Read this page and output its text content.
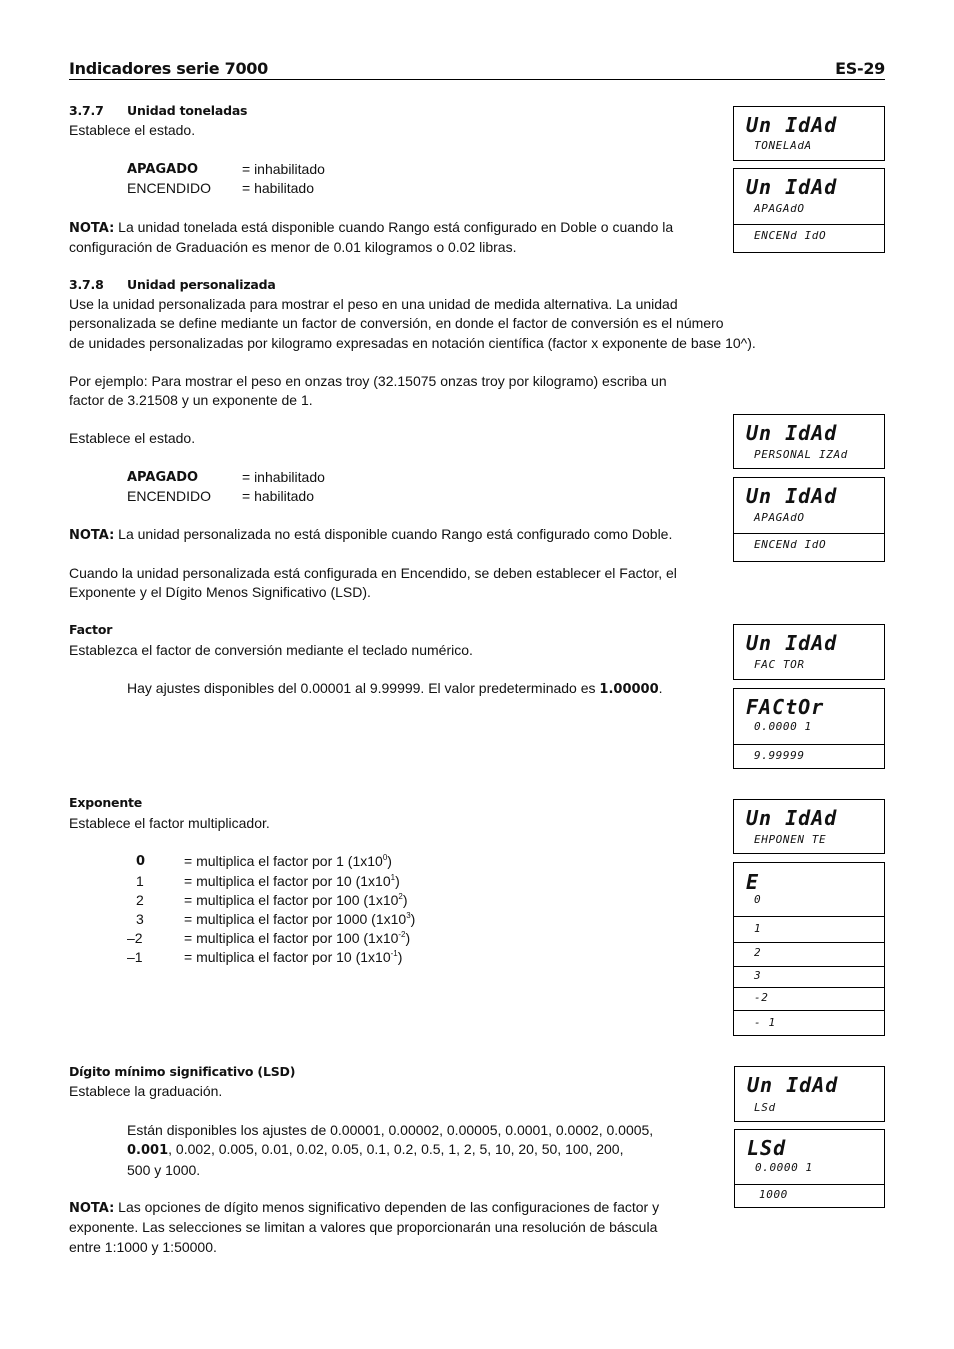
Indicadores serie 7000	ES-29
3.7.7 Unidad toneladas
Establece el estado.
APAGADO	= inhabilitado
ENCENDIDO = habilitado
NOTA: La unidad tonelada está disponible cuando Rango está configurado en Doble o cuando la
configuración de Graduación es menor de 0.01 kilogramos o 0.02 libras.
3.7.8 Unidad personalizada
Use la unidad personalizada para mostrar el peso en una unidad de medida alternativa. La unidad
personalizada se define mediante un factor de conversión, en donde el factor de conversión es el número
de unidades personalizadas por kilogramo expresadas en notación científica (factor x exponente de base 10^).
Por ejemplo: Para mostrar el peso en onzas troy (32.15075 onzas troy por kilogramo) escriba un
factor de 3.21508 y un exponente de 1.
Establece el estado.
APAGADO	= inhabilitado
ENCENDIDO = habilitado
NOTA: La unidad personalizada no está disponible cuando Rango está configurado como Doble.
Cuando la unidad personalizada está configurada en Encendido, se deben establecer el Factor, el
Exponente y el Dígito Menos Significativo (LSD).
Factor
Establezca el factor de conversión mediante el teclado numérico.
Hay ajustes disponibles del 0.00001 al 9.99999. El valor predeterminado es 1.00000.
Exponente
Establece el factor multiplicador.
0	= multiplica el factor por 1 $(1x10^0)$
1	= multiplica el factor por 10 $(1x10^1)$
2	= multiplica el factor por 100 $(1x10^2)$
3	= multiplica el factor por 1000 $(1x10^3)$
–2	= multiplica el factor por 100 $(1x10^{-2})$
–1	= multiplica el factor por 10 $(1x10^{-1})$
Dígito mínimo significativo (LSD)
Establece la graduación.
Están disponibles los ajustes de 0.00001, 0.00002, 0.00005, 0.0001, 0.0002, 0.0005,
0.001, 0.002, 0.005, 0.01, 0.02, 0.05, 0.1, 0.2, 0.5, 1, 2, 5, 10, 20, 50, 100, 200,
500 y 1000.
NOTA: Las opciones de dígito menos significativo dependen de las configuraciones de factor y
exponente. Las selecciones se limitan a valores que proporcionarán una resolución de báscula
entre 1:1000 y 1:50000.
Un IdAd
TONELAdA
Un IdAd
APAGAdO
ENCENd IdO
Un IdAd
PERSONAL IZAd
Un IdAd
APAGAdO
ENCENd IdO
Un IdAd
FAC TOR
FACtOr
0.0000 1
9.99999
Un IdAd
EHPONEN TE
E
0
1
2
3
-2
- 1
Un IdAd
LSd
LSd
0.0000 1
1000
